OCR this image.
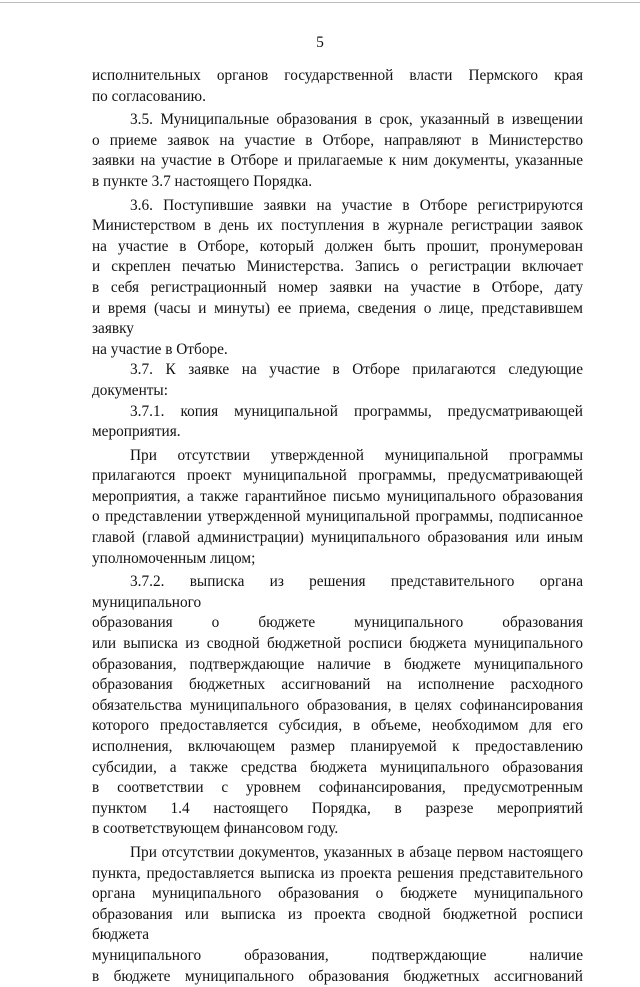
5
исполнительных органов государственной власти Пермского края
по согласованию.
3.5. Муниципальные образования в срок, указанный в извещении
о приеме заявок на участие в Отборе, направляют в Министерство
заявки на участие в Отборе и прилагаемые к ним документы, указанные
в пункте 3.7 настоящего Порядка.
3.6. Поступившие заявки на участие в Отборе регистрируются
Министерством в день их поступления в журнале регистрации заявок
на участие в Отборе, который должен быть прошит, пронумерован
и скреплен печатью Министерства. Запись о регистрации включает
в себя регистрационный номер заявки на участие в Отборе, дату
и время (часы и минуты) ее приема, сведения о лице, представившем заявку
на участие в Отборе.
3.7. К заявке на участие в Отборе прилагаются следующие документы:
3.7.1. копия муниципальной программы, предусматривающей
мероприятия.
При отсутствии утвержденной муниципальной программы
прилагаются проект муниципальной программы, предусматривающей
мероприятия, а также гарантийное письмо муниципального образования
о представлении утвержденной муниципальной программы, подписанное
главой (главой администрации) муниципального образования или иным
уполномоченным лицом;
3.7.2. выписка из решения представительного органа муниципального
образования о бюджете муниципального образования
или выписка из сводной бюджетной росписи бюджета муниципального
образования, подтверждающие наличие в бюджете муниципального
образования бюджетных ассигнований на исполнение расходного
обязательства муниципального образования, в целях софинансирования
которого предоставляется субсидия, в объеме, необходимом для его
исполнения, включающем размер планируемой к предоставлению
субсидии, а также средства бюджета муниципального образования
в соответствии с уровнем софинансирования, предусмотренным
пунктом 1.4 настоящего Порядка, в разрезе мероприятий
в соответствующем финансовом году.
При отсутствии документов, указанных в абзаце первом настоящего
пункта, предоставляется выписка из проекта решения представительного
органа муниципального образования о бюджете муниципального
образования или выписка из проекта сводной бюджетной росписи бюджета
муниципального образования, подтверждающие наличие
в бюджете муниципального образования бюджетных ассигнований
